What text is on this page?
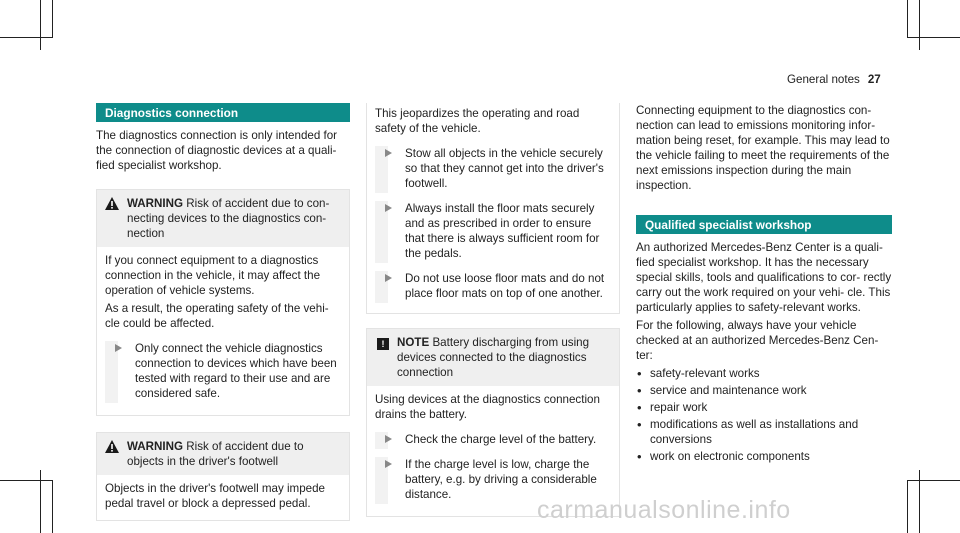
General notes 27
Diagnostics connection

The diagnostics connection is only intended for the connection of diagnostic devices at a quali- fied specialist workshop.

WARNING Risk of accident due to con- necting devices to the diagnostics con- nection

If you connect equipment to a diagnostics connection in the vehicle, it may affect the operation of vehicle systems.

As a result, the operating safety of the vehi- cle could be affected.

Only connect the vehicle diagnostics connection to devices which have been tested with regard to their use and are considered safe.
WARNING Risk of accident due to objects in the driver's footwell

Objects in the driver's footwell may impede pedal travel or block a depressed pedal.

This jeopardizes the operating and road safety of the vehicle.

Stow all objects in the vehicle securely so that they cannot get into the driver's footwell.
Always install the floor mats securely and as prescribed in order to ensure that there is always sufficient room for the pedals.
Do not use loose floor mats and do not place floor mats on top of one another.
!	NOTE Battery discharging from using devices connected to the diagnostics connection

Using devices at the diagnostics connection drains the battery.

Check the charge level of the battery.
If the charge level is low, charge the battery, e.g. by driving a considerable distance.

Connecting equipment to the diagnostics con- nection can lead to emissions monitoring infor- mation being reset, for example. This may lead to the vehicle failing to meet the requirements of the next emissions inspection during the main inspection.

Qualified specialist workshop

An authorized Mercedes-Benz Center is a quali- fied specialist workshop. It has the necessary special skills, tools and qualifications to cor- rectly carry out the work required on your vehi- cle. This particularly applies to safety-relevant works.

For the following, always have your vehicle checked at an authorized Mercedes-Benz Cen- ter:

• safety-relevant works
• service and maintenance work
• repair work
• modifications as well as installations and conversions
• work on electronic components
carmanualsonline.info
